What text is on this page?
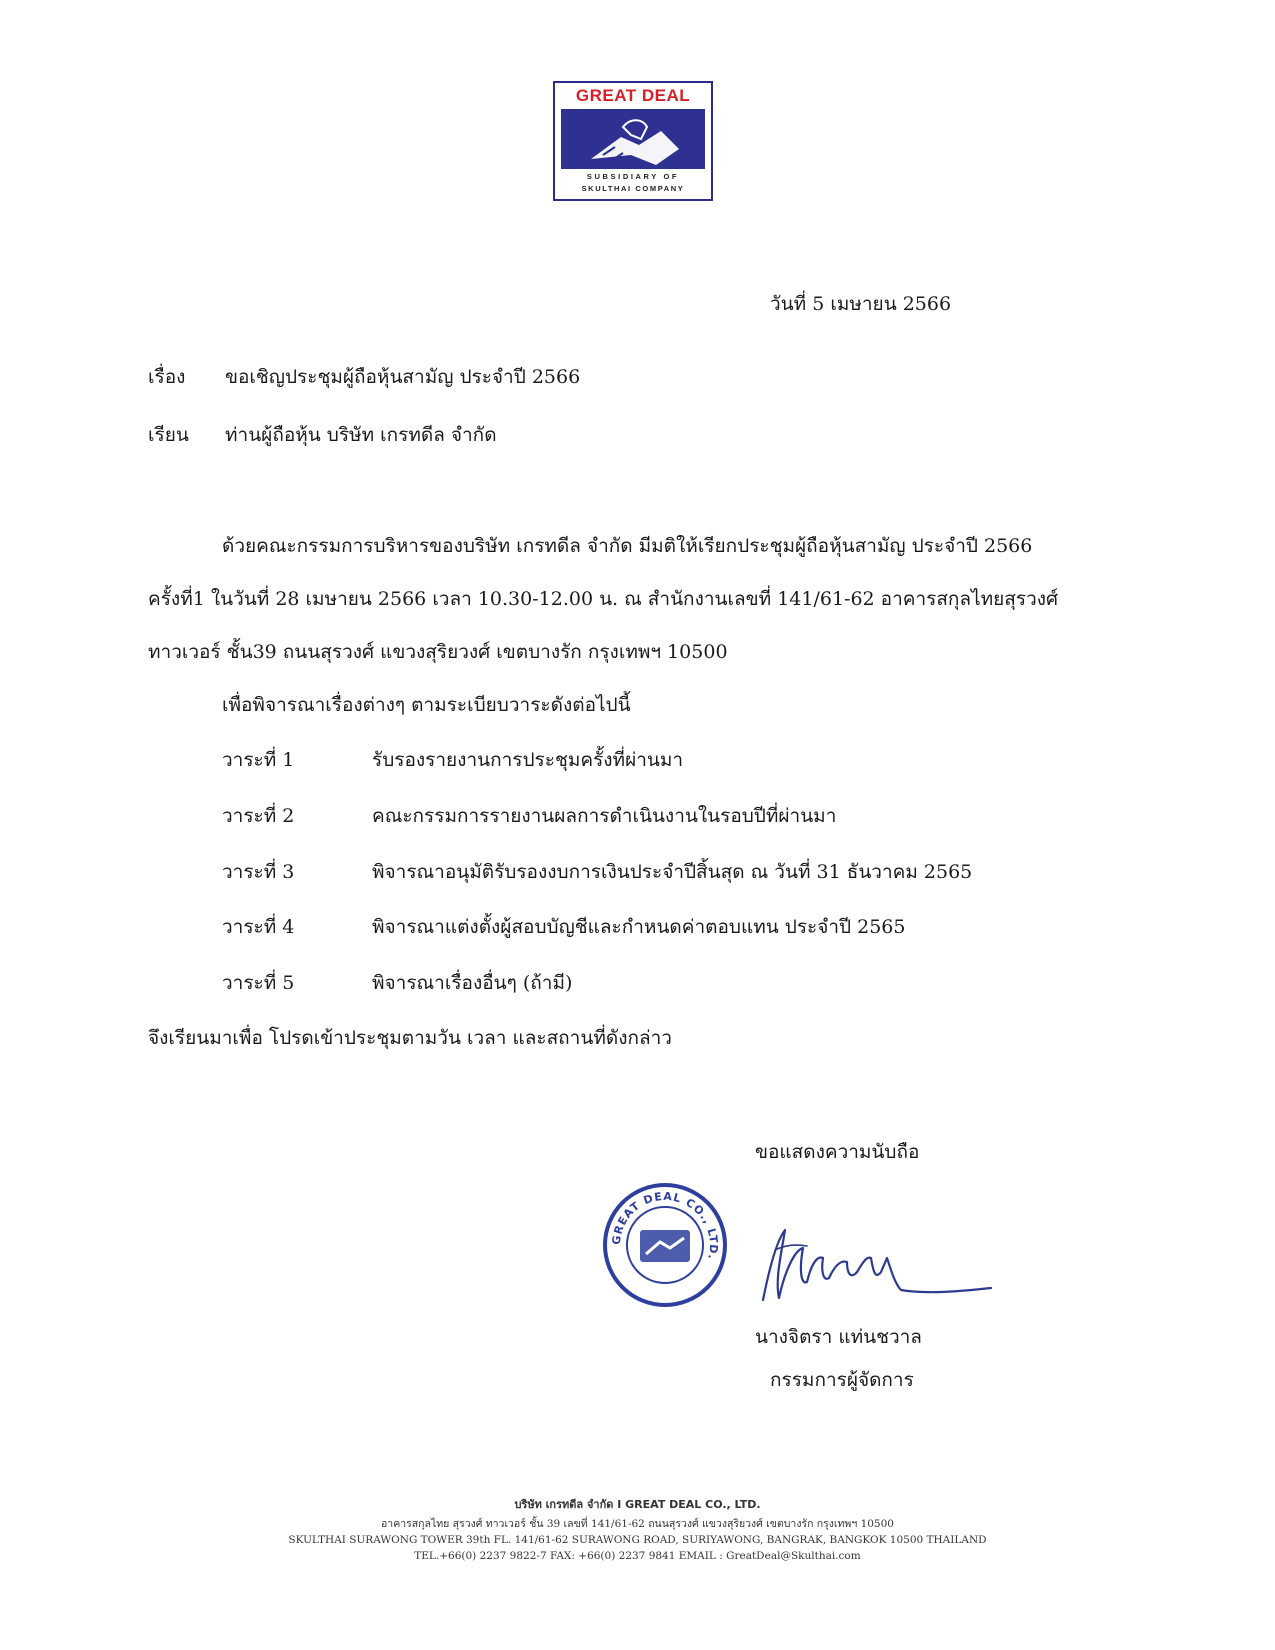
GREAT DEAL
SUBSIDIARY OF
SKULTHAI COMPANY
วันที่ 5 เมษายน 2566
เรื่อง ขอเชิญประชุมผู้ถือหุ้นสามัญ ประจำปี 2566
เรียน ท่านผู้ถือหุ้น บริษัท เกรทดีล จำกัด
ด้วยคณะกรรมการบริหารของบริษัท เกรทดีล จำกัด มีมติให้เรียกประชุมผู้ถือหุ้นสามัญ ประจำปี 2566
ครั้งที่1 ในวันที่ 28 เมษายน 2566 เวลา 10.30-12.00 น. ณ สำนักงานเลขที่ 141/61-62 อาคารสกุลไทยสุรวงศ์
ทาวเวอร์ ชั้น39 ถนนสุรวงศ์ แขวงสุริยวงศ์ เขตบางรัก กรุงเทพฯ 10500
เพื่อพิจารณาเรื่องต่างๆ ตามระเบียบวาระดังต่อไปนี้
วาระที่ 1	รับรองรายงานการประชุมครั้งที่ผ่านมา
วาระที่ 2	คณะกรรมการรายงานผลการดำเนินงานในรอบปีที่ผ่านมา
วาระที่ 3	พิจารณาอนุมัติรับรองงบการเงินประจำปีสิ้นสุด ณ วันที่ 31 ธันวาคม 2565
วาระที่ 4	พิจารณาแต่งตั้งผู้สอบบัญชีและกำหนดค่าตอบแทน ประจำปี 2565
วาระที่ 5	พิจารณาเรื่องอื่นๆ (ถ้ามี)
จึงเรียนมาเพื่อ โปรดเข้าประชุมตามวัน เวลา และสถานที่ดังกล่าว
ขอแสดงความนับถือ
GREAT DEAL CO., LTD.
นางจิตรา แท่นชวาล
กรรมการผู้จัดการ
บริษัท เกรทดีล จำกัด I GREAT DEAL CO., LTD.
อาคารสกุลไทย สุรวงศ์ ทาวเวอร์ ชั้น 39 เลขที่ 141/61-62 ถนนสุรวงศ์ แขวงสุริยวงศ์ เขตบางรัก กรุงเทพฯ 10500
SKULTHAI SURAWONG TOWER 39th FL. 141/61-62 SURAWONG ROAD, SURIYAWONG, BANGRAK, BANGKOK 10500 THAILAND
TEL.+66(0) 2237 9822-7 FAX: +66(0) 2237 9841 EMAIL : GreatDeal@Skulthai.com
